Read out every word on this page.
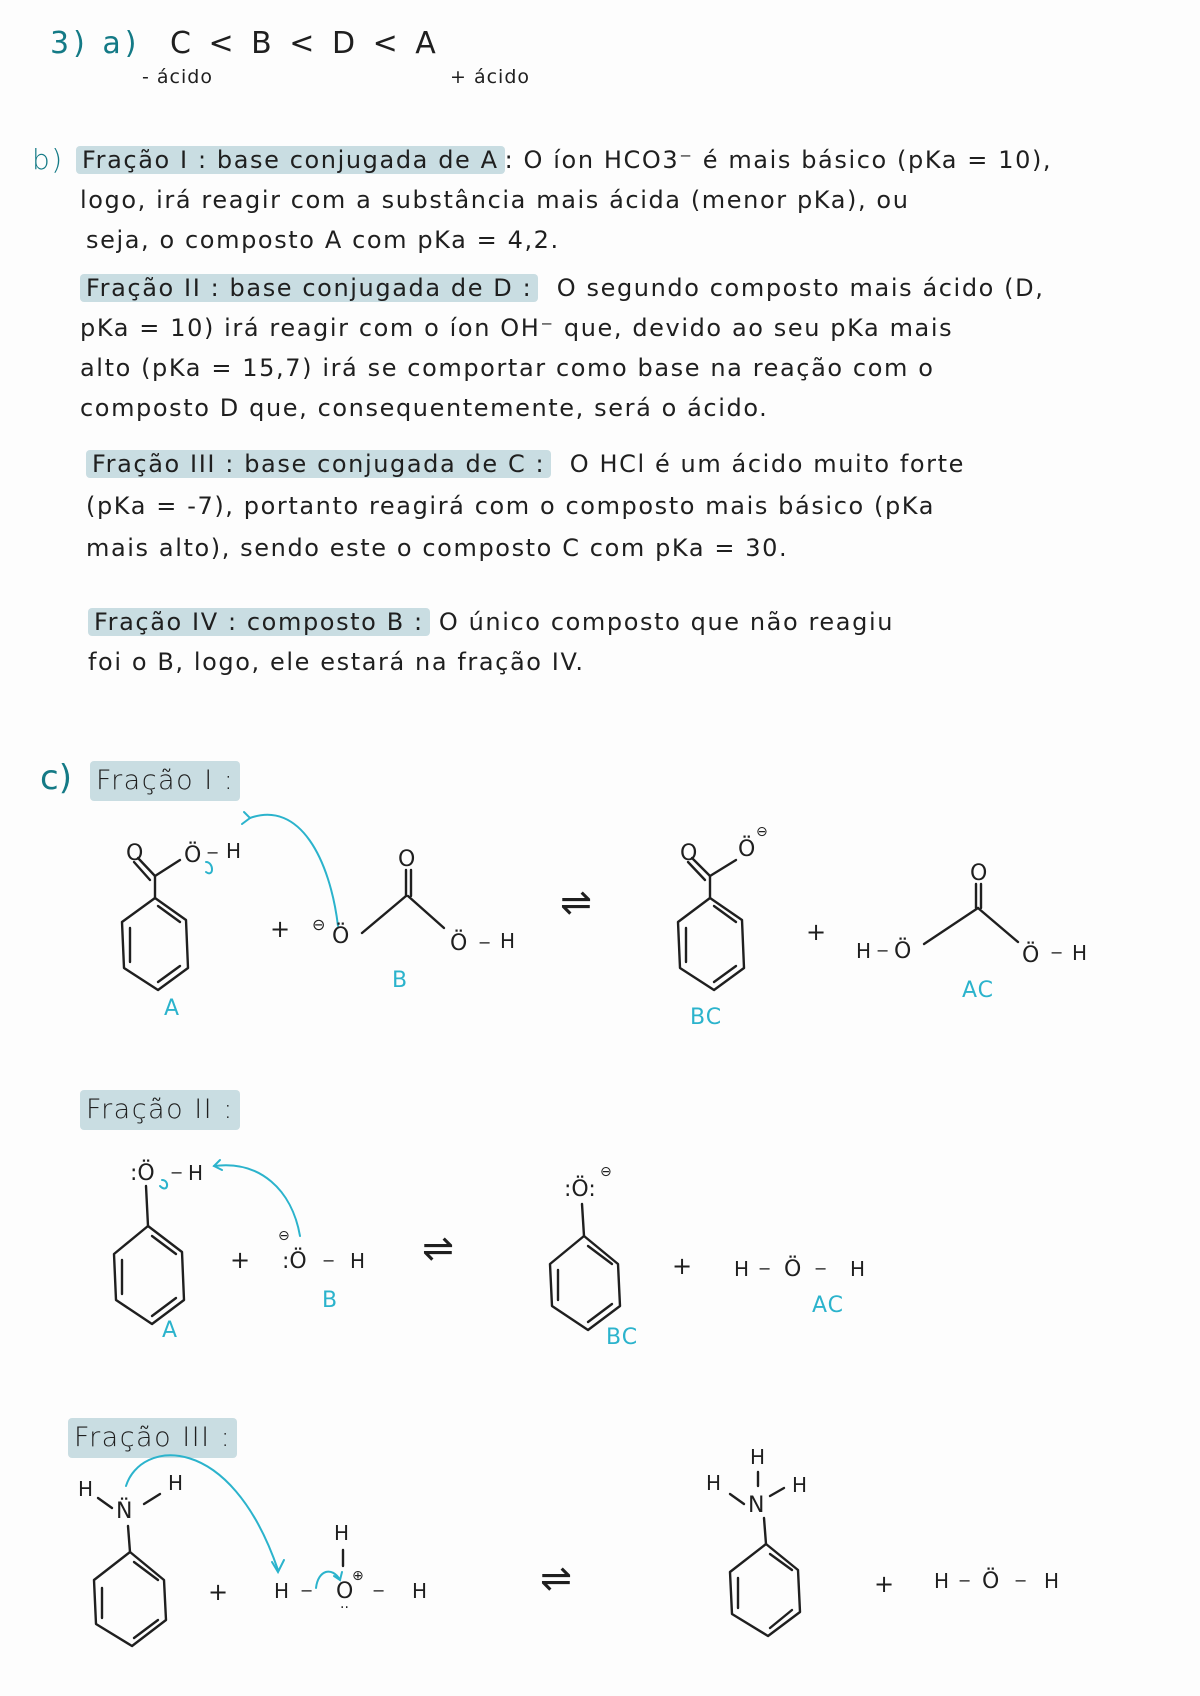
3) a) C < B < D < A
- ácido	+ ácido
b) Fração I : base conjugada de A : O íon HCO3⁻ é mais básico (pKa = 10),
logo, irá reagir com a substância mais ácida (menor pKa), ou
seja, o composto A com pKa = 4,2.
Fração II : base conjugada de D : O segundo composto mais ácido (D,
pKa = 10) irá reagir com o íon OH⁻ que, devido ao seu pKa mais
alto (pKa = 15,7) irá se comportar como base na reação com o
composto D que, consequentemente, será o ácido.
Fração III : base conjugada de C : O HCl é um ácido muito forte
(pKa = -7), portanto reagirá com o composto mais básico (pKa
mais alto), sendo este o composto C com pKa = 30.
Fração IV : composto B : O único composto que não reagiu
foi o B, logo, ele estará na fração IV.
c) Fração I :
Fração II :
Fração III :
A
B
BC
AC
A
B
BC
AC
+
⇌
+
+	⇌	+
+	⇌	+
O Ö − H
⊖ Ö
O
Ö − H
O Ö
⊖
H − Ö
O
Ö − H
:Ö − H
⊖
:Ö − H
:Ö:
⊖
H − Ö − H
H
N̈
H
H
H − O
⊕
− H
··
H
H
N
H
H − Ö − H
